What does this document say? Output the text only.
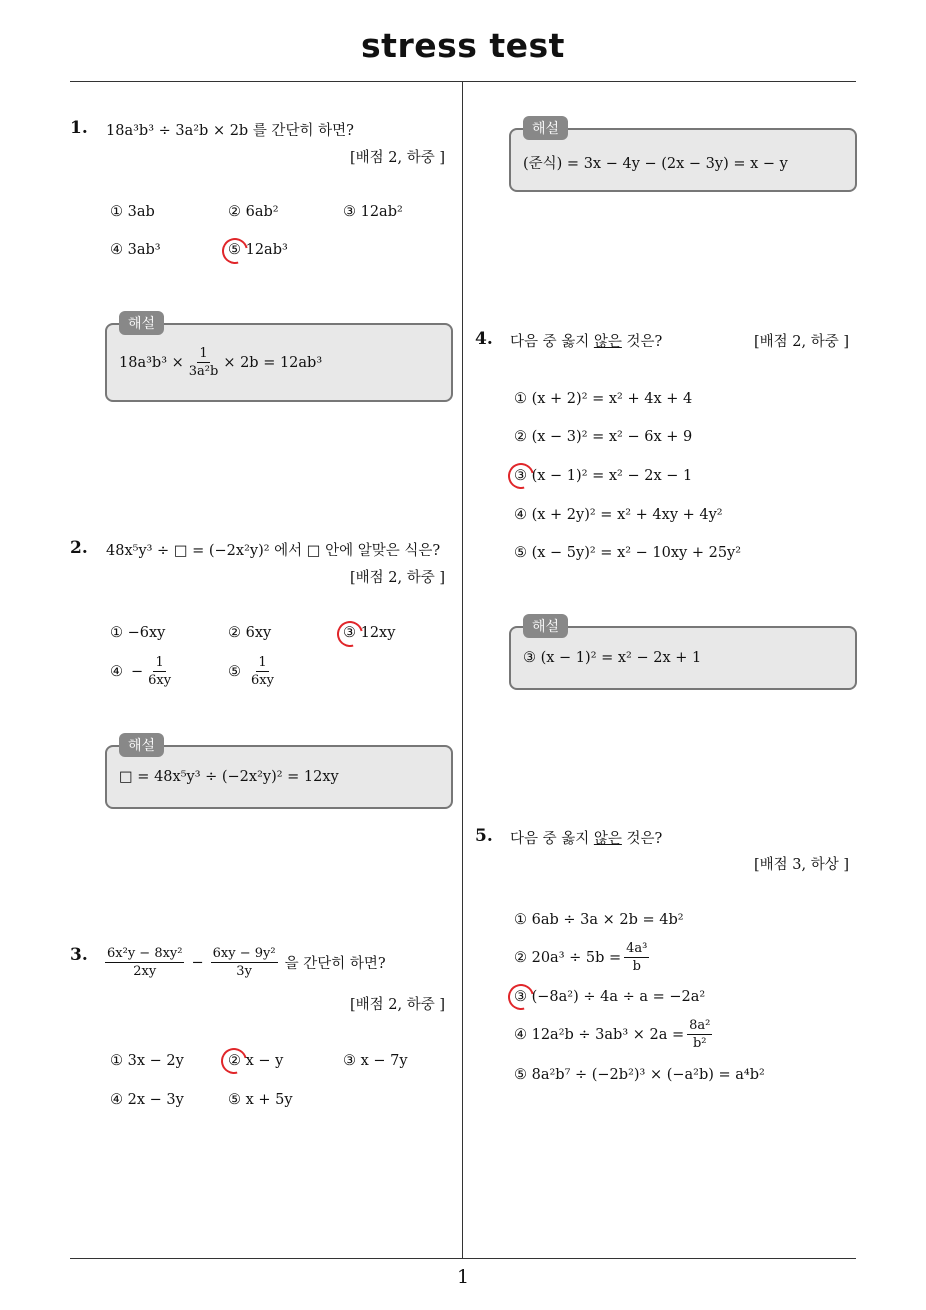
stress test
1
1. 18a³b³ ÷ 3a²b × 2b 를 간단히 하면?
[배점 2, 하중 ]
① 3ab	② 6ab²	③ 12ab²
④ 3ab³	⑤ 12ab³
해설
$18a^3b^3 \times \frac{1}{\text{3a²b}} \times 2b = 12ab^3$
2. 48x⁵y³ ÷ □ = (−2x²y)² 에서 □ 안에 알맞은 식은?
[배점 2, 하중 ]
① −6xy	② 6xy	③ 12xy
④ − $\frac{1}{6xy}$	⑤ $\frac{1}{6xy}$
해설
□ = 48x⁵y³ ÷ (−2x²y)² = 12xy
3. $\frac{\text{6x²y − 8xy²}}{2xy} - \frac{\text{6xy − 9y²}}{3y}$ 을 간단히 하면?
[배점 2, 하중 ]
① 3x − 2y	② x − y	③ x − 7y
④ 2x − 3y	⑤ x + 5y
해설
(준식) = 3x − 4y − (2x − 3y) = x − y
4. 다음 중 옳지 않은 것은?	[배점 2, 하중 ]
① (x + 2)² = x² + 4x + 4
② (x − 3)² = x² − 6x + 9
③ (x − 1)² = x² − 2x − 1
④ (x + 2y)² = x² + 4xy + 4y²
⑤ (x − 5y)² = x² − 10xy + 25y²
해설
③ (x − 1)² = x² − 2x + 1
5. 다음 중 옳지 않은 것은?
[배점 3, 하상 ]
① 6ab ÷ 3a × 2b = 4b²
② $20a^3 \div 5b = \frac{\text{4a³}}{b}$
③ (−8a²) ÷ 4a ÷ a = −2a²
④ $12a^2b \div 3ab^3 \times 2a = \frac{\text{8a²}}{\text{b²}}$
⑤ 8a²b⁷ ÷ (−2b²)³ × (−a²b) = a⁴b²
